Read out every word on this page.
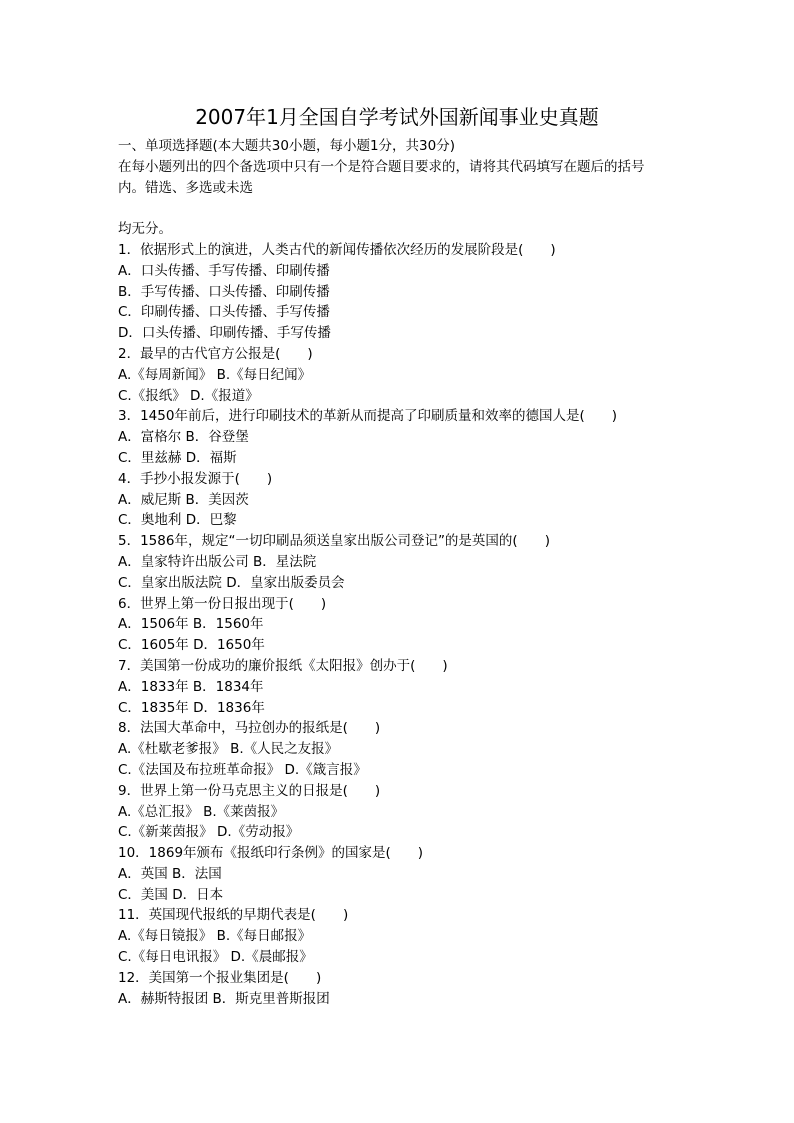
2007年1月全国自学考试外国新闻事业史真题
一、单项选择题(本大题共30小题，每小题1分，共30分)
在每小题列出的四个备选项中只有一个是符合题目要求的，请将其代码填写在题后的括号
内。错选、多选或未选
均无分。
1．依据形式上的演进，人类古代的新闻传播依次经历的发展阶段是(　　)
A．口头传播、手写传播、印刷传播
B．手写传播、口头传播、印刷传播
C．印刷传播、口头传播、手写传播
D．口头传播、印刷传播、手写传播
2．最早的古代官方公报是(　　)
A.《每周新闻》 B.《每日纪闻》
C.《报纸》 D.《报道》
3．1450年前后，进行印刷技术的革新从而提高了印刷质量和效率的德国人是(　　)
A．富格尔 B．谷登堡
C．里兹赫 D．福斯
4．手抄小报发源于(　　)
A．威尼斯 B．美因茨
C．奥地利 D．巴黎
5．1586年，规定“一切印刷品须送皇家出版公司登记”的是英国的(　　)
A．皇家特许出版公司 B．星法院
C．皇家出版法院 D．皇家出版委员会
6．世界上第一份日报出现于(　　)
A．1506年 B．1560年
C．1605年 D．1650年
7．美国第一份成功的廉价报纸《太阳报》创办于(　　)
A．1833年 B．1834年
C．1835年 D．1836年
8．法国大革命中，马拉创办的报纸是(　　)
A.《杜歇老爹报》 B.《人民之友报》
C.《法国及布拉班革命报》 D.《箴言报》
9．世界上第一份马克思主义的日报是(　　)
A.《总汇报》 B.《莱茵报》
C.《新莱茵报》 D.《劳动报》
10．1869年颁布《报纸印行条例》的国家是(　　)
A．英国 B．法国
C．美国 D．日本
11．英国现代报纸的早期代表是(　　)
A.《每日镜报》 B.《每日邮报》
C.《每日电讯报》 D.《晨邮报》
12．美国第一个报业集团是(　　)
A．赫斯特报团 B．斯克里普斯报团
